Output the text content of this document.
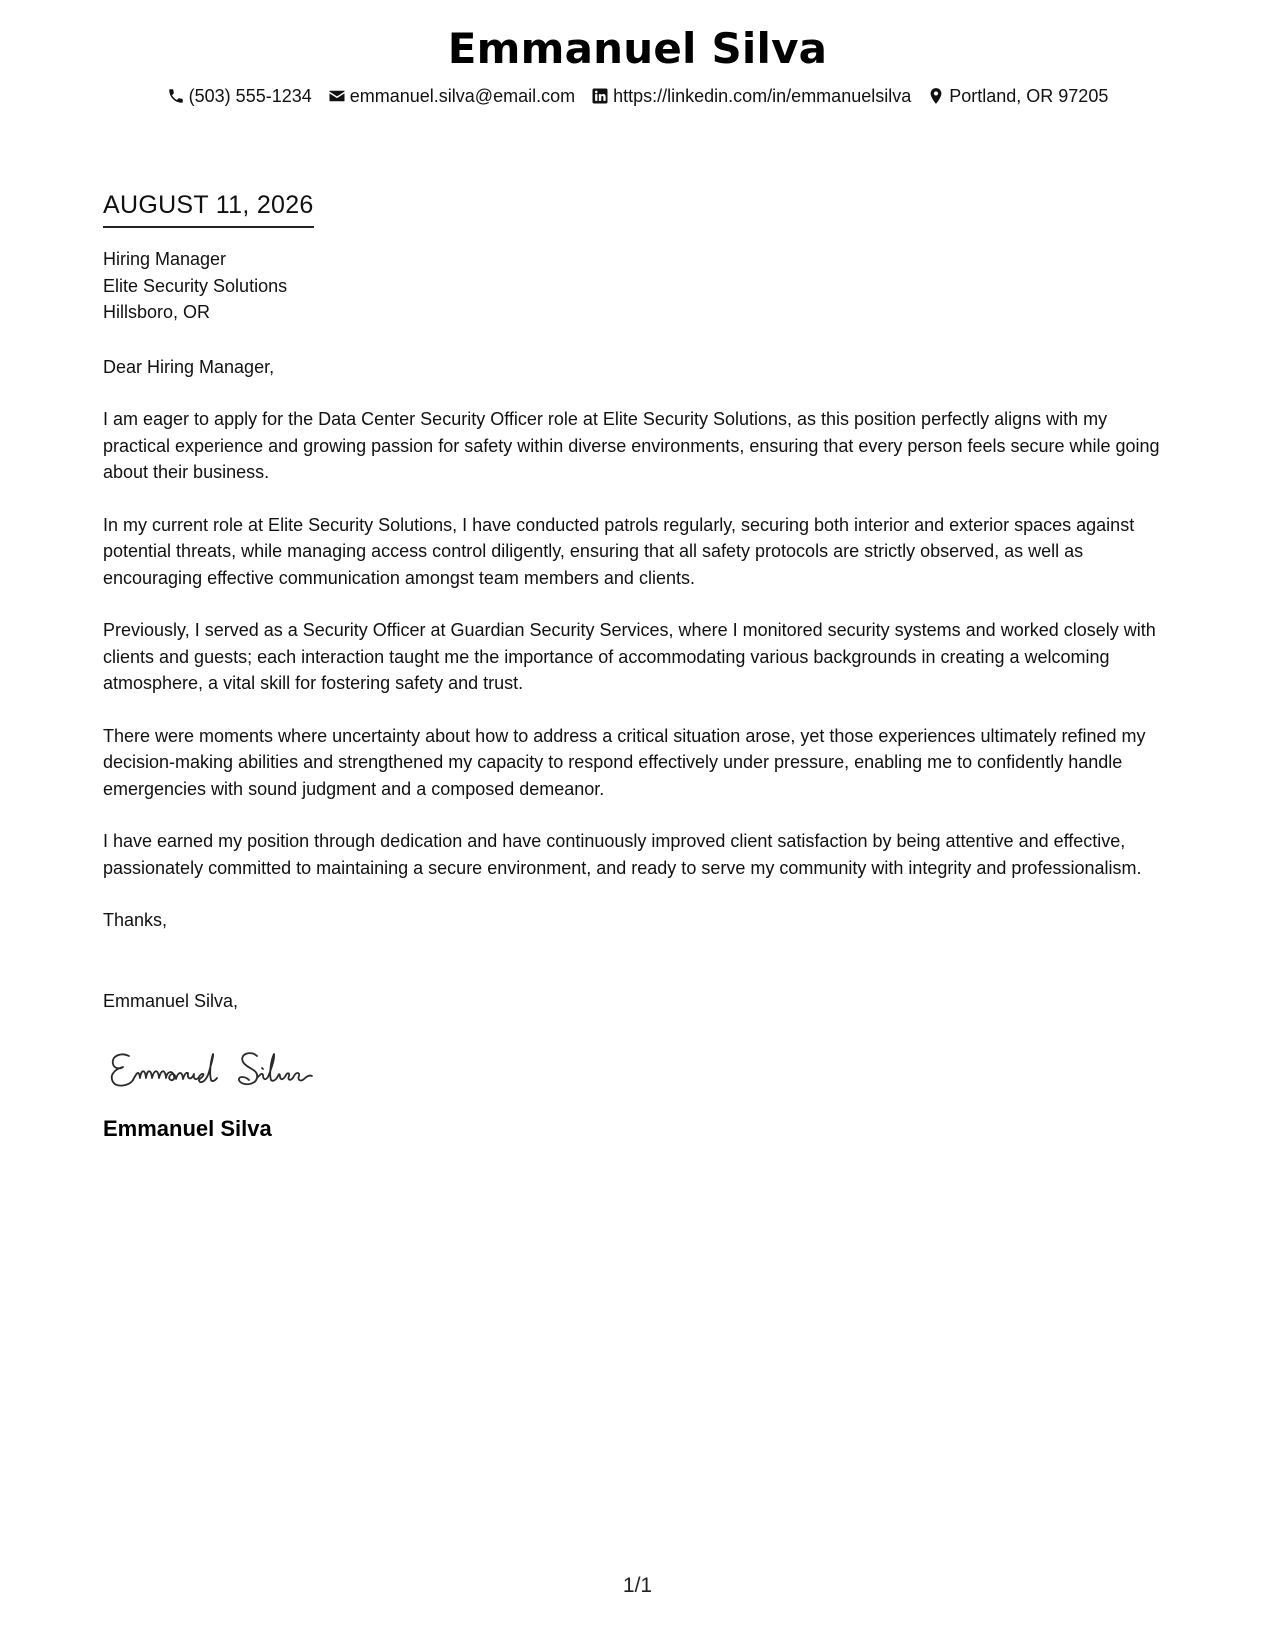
Emmanuel Silva
(503) 555-1234 emmanuel.silva@email.com https://linkedin.com/in/emmanuelsilva Portland, OR 97205
AUGUST 11, 2026
Hiring Manager
Elite Security Solutions
Hillsboro, OR
Dear Hiring Manager,
I am eager to apply for the Data Center Security Officer role at Elite Security Solutions, as this position perfectly aligns with my practical experience and growing passion for safety within diverse environments, ensuring that every person feels secure while going about their business.
In my current role at Elite Security Solutions, I have conducted patrols regularly, securing both interior and exterior spaces against potential threats, while managing access control diligently, ensuring that all safety protocols are strictly observed, as well as encouraging effective communication amongst team members and clients.
Previously, I served as a Security Officer at Guardian Security Services, where I monitored security systems and worked closely with clients and guests; each interaction taught me the importance of accommodating various backgrounds in creating a welcoming atmosphere, a vital skill for fostering safety and trust.
There were moments where uncertainty about how to address a critical situation arose, yet those experiences ultimately refined my decision-making abilities and strengthened my capacity to respond effectively under pressure, enabling me to confidently handle emergencies with sound judgment and a composed demeanor.
I have earned my position through dedication and have continuously improved client satisfaction by being attentive and effective, passionately committed to maintaining a secure environment, and ready to serve my community with integrity and professionalism.
Thanks,
Emmanuel Silva,
Emmanuel Silva
1/1
